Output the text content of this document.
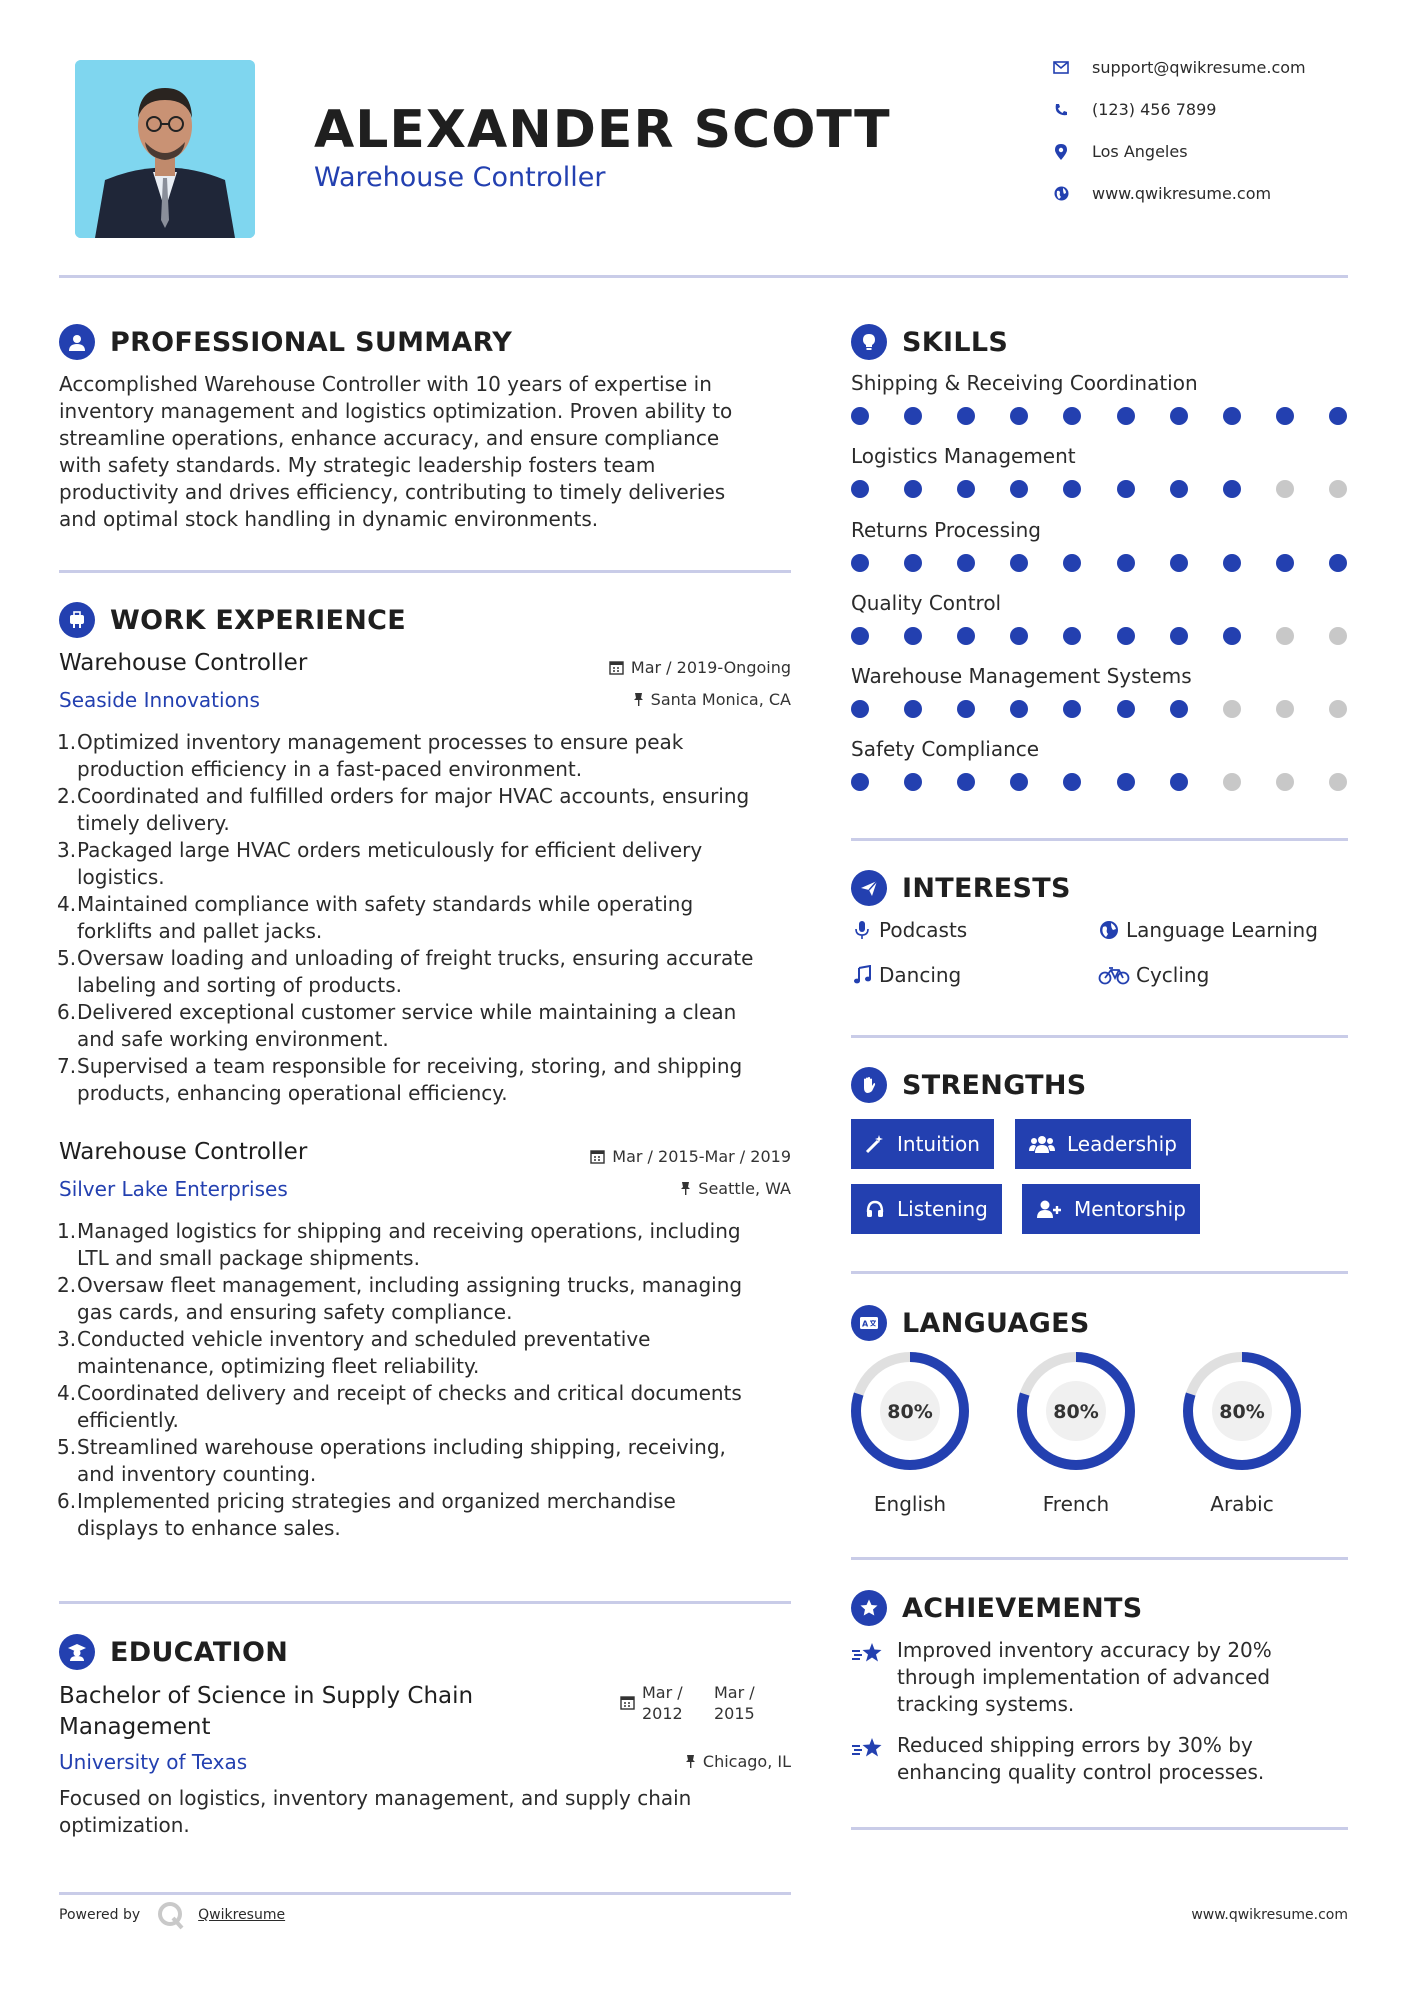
ALEXANDER SCOTT
Warehouse Controller
support@qwikresume.com
(123) 456 7899
Los Angeles
www.qwikresume.com
PROFESSIONAL SUMMARY
Accomplished Warehouse Controller with 10 years of expertise in
inventory management and logistics optimization. Proven ability to
streamline operations, enhance accuracy, and ensure compliance
with safety standards. My strategic leadership fosters team
productivity and drives efficiency, contributing to timely deliveries
and optimal stock handling in dynamic environments.
WORK EXPERIENCE
Warehouse Controller
Seaside Innovations
Mar / 2019-Ongoing
Santa Monica, CA
1. Optimized inventory management processes to ensure peak
production efficiency in a fast-paced environment.
2. Coordinated and fulfilled orders for major HVAC accounts, ensuring
timely delivery.
3. Packaged large HVAC orders meticulously for efficient delivery
logistics.
4. Maintained compliance with safety standards while operating
forklifts and pallet jacks.
5. Oversaw loading and unloading of freight trucks, ensuring accurate
labeling and sorting of products.
6. Delivered exceptional customer service while maintaining a clean
and safe working environment.
7. Supervised a team responsible for receiving, storing, and shipping
products, enhancing operational efficiency.
Warehouse Controller
Silver Lake Enterprises
Mar / 2015-Mar / 2019
Seattle, WA
1. Managed logistics for shipping and receiving operations, including
LTL and small package shipments.
2. Oversaw fleet management, including assigning trucks, managing
gas cards, and ensuring safety compliance.
3. Conducted vehicle inventory and scheduled preventative
maintenance, optimizing fleet reliability.
4. Coordinated delivery and receipt of checks and critical documents
efficiently.
5. Streamlined warehouse operations including shipping, receiving,
and inventory counting.
6. Implemented pricing strategies and organized merchandise
displays to enhance sales.
EDUCATION
Bachelor of Science in Supply Chain
Management
University of Texas
Mar /
2012
Mar /
2015
Chicago, IL
Focused on logistics, inventory management, and supply chain
optimization.
Powered by	Qwikresume	www.qwikresume.com
SKILLS
Shipping & Receiving Coordination
Logistics Management
Returns Processing
Quality Control
Warehouse Management Systems
Safety Compliance
INTERESTS
Podcasts	Language Learning
Dancing	Cycling
STRENGTHS
Intuition	Leadership
Listening	Mentorship
A LANGUAGES
80%
English
80%
French
80%
Arabic
ACHIEVEMENTS
Improved inventory accuracy by 20%
through implementation of advanced
tracking systems.
Reduced shipping errors by 30% by
enhancing quality control processes.
